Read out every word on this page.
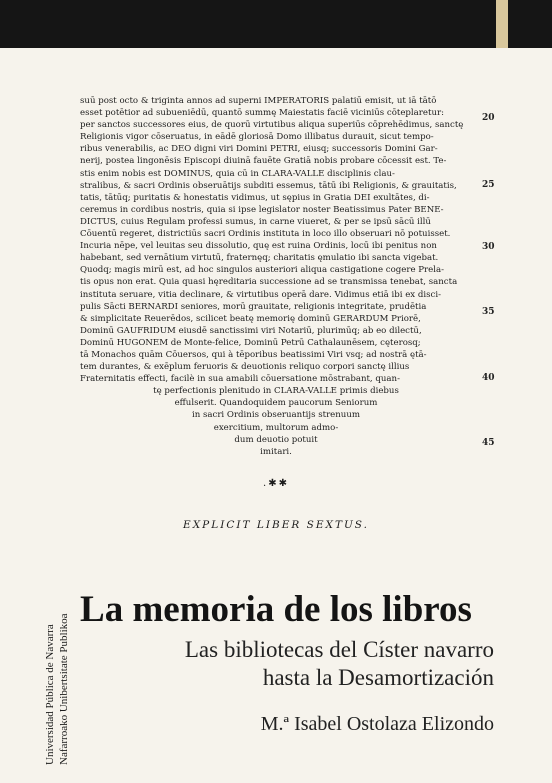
suū post octo & triginta annos ad superni IMPERATORIS palatiū emisit, ut iā tātō
esset potētior ad subueniēdū, quantō summę Maiestatis faciē viciniūs cōteplaretur:
per sanctos successores eius, de quorū virtutibus aliqua superiūs cōprehēdimus, sanctę
Religionis vigor cōseruatus, in eādē gloriosā Domo illibatus durauit, sicut tempo-
ribus venerabilis, ac DEO digni viri Domini PETRI, eiusq; successoris Domini Gar-
nerij, postea lingonēsis Episcopi diuinā fauēte Gratiā nobis probare cōcessit est. Te-
stis enim nobis est DOMINUS, quia cū in CLARA-VALLE disciplinis clau-
stralibus, & sacri Ordinis obseruātijs subditi essemus, tātū ibi Religionis, & grauitatis,
tatis, tātūq; puritatis & honestatis vidimus, ut sępius in Gratia DEI exultātes, di-
ceremus in cordibus nostris, quia si ipse legislator noster Beatissimus Pater BENE-
DICTUS, cuius Regulam professi sumus, in carne viueret, & per se ipsū sācū illū
Cōuentū regeret, districtiūs sacri Ordinis instituta in loco illo obseruari nō potuisset.
Incuria nēpe, vel leuitas seu dissolutio, quę est ruina Ordinis, locū ibi penitus non
habebant, sed vernātium virtutū, fraternęq; charitatis ęmulatio ibi sancta vigebat.
Quodq; magis mirū est, ad hoc singulos austeriori aliqua castigatione cogere Prela-
tis opus non erat. Quia quasi hęreditaria successione ad se transmissa tenebat, sancta
instituta seruare, vitia declinare, & virtutibus operā dare. Vidimus etiā ibi ex disci-
pulis Sācti BERNARDI seniores, morū grauitate, religionis integritate, prudētia
& simplicitate Reuerēdos, scilicet beatę memorię dominū GERARDUM Priorē,
Dominū GAUFRIDUM eiusdē sanctissimi viri Notariū, plurimūq; ab eo dilectū,
Dominū HUGONEM de Monte-felice, Dominū Petrū Cathalaunēsem, cęterosq;
tā Monachos quām Cōuersos, qui à tēporibus beatissimi Viri vsq; ad nostrā ętā-
tem durantes, & exēplum feruoris & deuotionis reliquo corpori sanctę illius
Fraternitatis effecti, facilè in sua amabili cōuersatione mōstrabant, quan-
tę perfectionis plenitudo in CLARA-VALLE primis diebus
effulserit. Quandoquidem paucorum Seniorum
in sacri Ordinis obseruantijs strenuum
exercitium, multorum admo-
dum deuotio potuit
imitari.
20
25
30
35
40
45
.✱✱
EXPLICIT LIBER SEXTUS.
Universidad Pública de Navarra Nafarroako Unibertsitate Publikoa
La memoria de los libros
Las bibliotecas del Císter navarro
hasta la Desamortización
M.ª Isabel Ostolaza Elizondo
